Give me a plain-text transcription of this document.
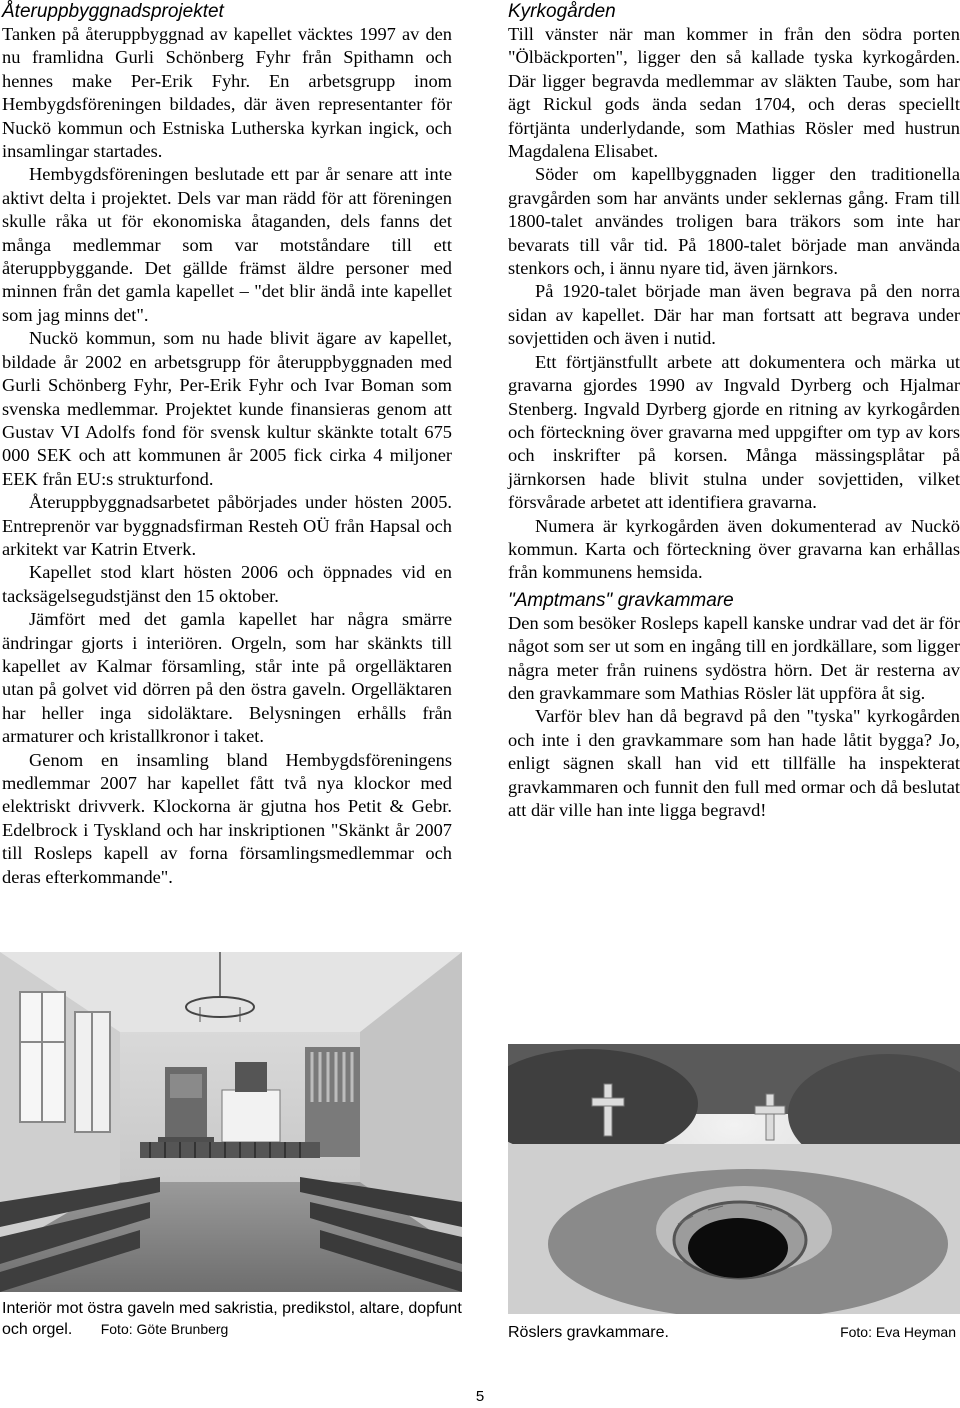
Återuppbyggnadsprojektet

Tanken på återuppbyggnad av kapellet väcktes 1997 av den nu framlidna Gurli Schönberg Fyhr från Spithamn och hennes make Per-Erik Fyhr. En arbetsgrupp inom Hembygdsföreningen bildades, där även representanter för Nuckö kommun och Estniska Lutherska kyrkan ingick, och insamlingar startades.

Hembygdsföreningen beslutade ett par år senare att inte aktivt delta i projektet. Dels var man rädd för att föreningen skulle råka ut för ekonomiska åtaganden, dels fanns det många medlemmar som var motståndare till ett återuppbyggande. Det gällde främst äldre personer med minnen från det gamla kapellet – "det blir ändå inte kapellet som jag minns det".

Nuckö kommun, som nu hade blivit ägare av kapellet, bildade år 2002 en arbetsgrupp för återuppbyggnaden med Gurli Schönberg Fyhr, Per-Erik Fyhr och Ivar Boman som svenska medlemmar. Projektet kunde finansieras genom att Gustav VI Adolfs fond för svensk kultur skänkte totalt 675 000 SEK och att kommunen år 2005 fick cirka 4 miljoner EEK från EU:s strukturfond.

Återuppbyggnadsarbetet påbörjades under hösten 2005. Entreprenör var byggnadsfirman Resteh OÜ från Hapsal och arkitekt var Katrin Etverk.

Kapellet stod klart hösten 2006 och öppnades vid en tacksägelsegudstjänst den 15 oktober.

Jämfört med det gamla kapellet har några smärre ändringar gjorts i interiören. Orgeln, som har skänkts till kapellet av Kalmar församling, står inte på orgelläktaren utan på golvet vid dörren på den östra gaveln. Orgelläktaren har heller inga sidoläktare. Belysningen erhålls från armaturer och kristallkronor i taket.

Genom en insamling bland Hembygdsföreningens medlemmar 2007 har kapellet fått två nya klockor med elektriskt drivverk. Klockorna är gjutna hos Petit & Gebr. Edelbrock i Tyskland och har inskriptionen "Skänkt år 2007 till Rosleps kapell av forna församlingsmedlemmar och deras efterkommande".

Kyrkogården

Till vänster när man kommer in från den södra porten "Ölbäckporten", ligger den så kallade tyska kyrkogården. Där ligger begravda medlemmar av släkten Taube, som har ägt Rickul gods ända sedan 1704, och deras speciellt förtjänta underlydande, som Mathias Rösler med hustrun Magdalena Elisabet.

Söder om kapellbyggnaden ligger den traditionella gravgården som har använts under seklernas gång. Fram till 1800-talet användes troligen bara träkors som inte har bevarats till vår tid. På 1800-talet började man använda stenkors och, i ännu nyare tid, även järnkors.

På 1920-talet började man även begrava på den norra sidan av kapellet. Där har man fortsatt att begrava under sovjettiden och även i nutid.

Ett förtjänstfullt arbete att dokumentera och märka ut gravarna gjordes 1990 av Ingvald Dyrberg och Hjalmar Stenberg. Ingvald Dyrberg gjorde en ritning av kyrkogården och förteckning över gravarna med uppgifter om typ av kors och inskrifter på korsen. Många mässingsplåtar på järnkorsen hade blivit stulna under sovjettiden, vilket försvårade arbetet att identifiera gravarna.

Numera är kyrkogården även dokumenterad av Nuckö kommun. Karta och förteckning över gravarna kan erhållas från kommunens hemsida.

"Amptmans" gravkammare

Den som besöker Rosleps kapell kanske undrar vad det är för något som ser ut som en ingång till en jordkällare, som ligger några meter från ruinens sydöstra hörn. Det är resterna av den gravkammare som Mathias Rösler lät uppföra åt sig.

Varför blev han då begravd på den "tyska" kyrkogården och inte i den gravkammare som han hade låtit bygga? Jo, enligt sägnen skall han vid ett tillfälle ha inspekterat gravkammaren och funnit den full med ormar och då beslutat att där ville han inte ligga begravd!

Interiör mot östra gaveln med sakristia, predikstol, altare, dopfunt och orgel. Foto: Göte Brunberg	Röslers gravkammare.	Foto: Eva Heyman
5
